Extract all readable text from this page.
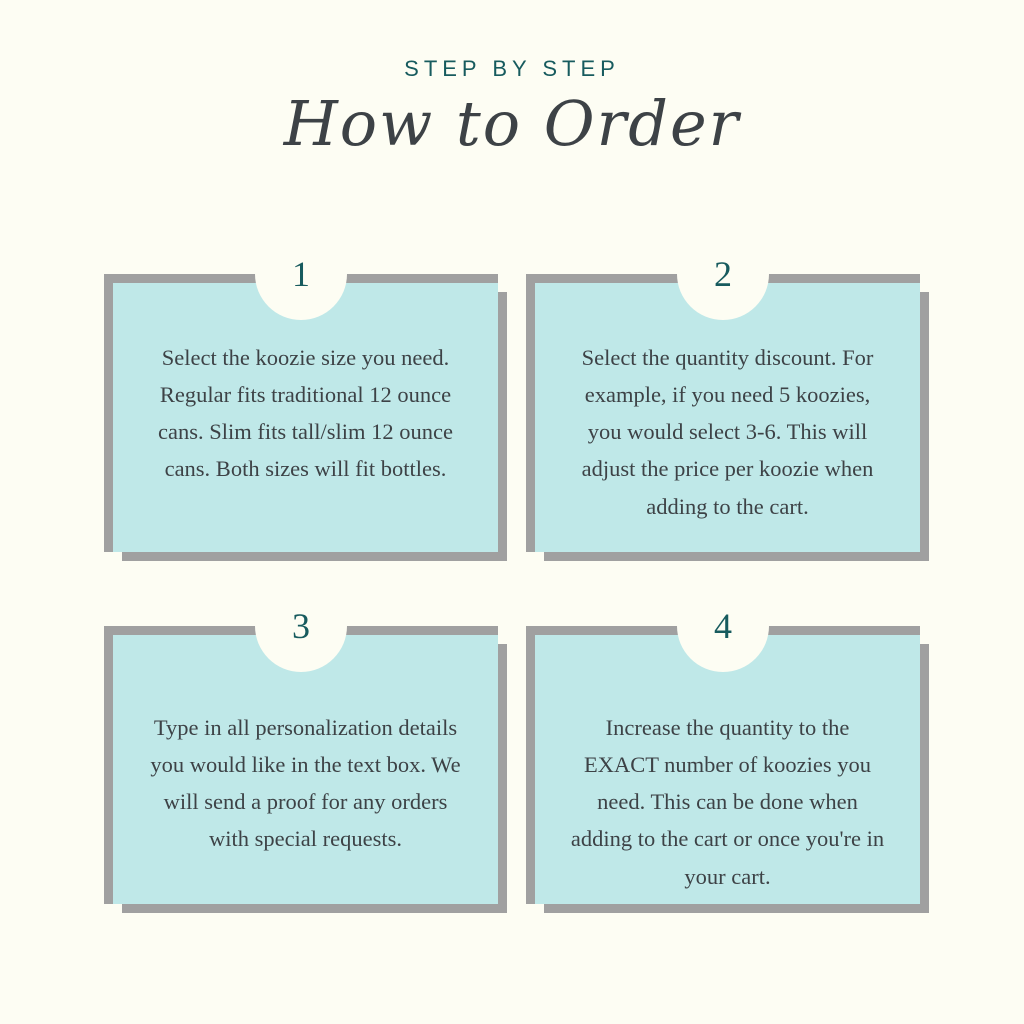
STEP BY STEP
How to Order
Select the koozie size you need. Regular fits traditional 12 ounce cans. Slim fits tall/slim 12 ounce cans. Both sizes will fit bottles.
1
Select the quantity discount. For example, if you need 5 koozies, you would select 3-6. This will adjust the price per koozie when adding to the cart.
2
Type in all personalization details you would like in the text box. We will send a proof for any orders with special requests.
3
Increase the quantity to the EXACT number of koozies you need. This can be done when adding to the cart or once you're in your cart.
4
